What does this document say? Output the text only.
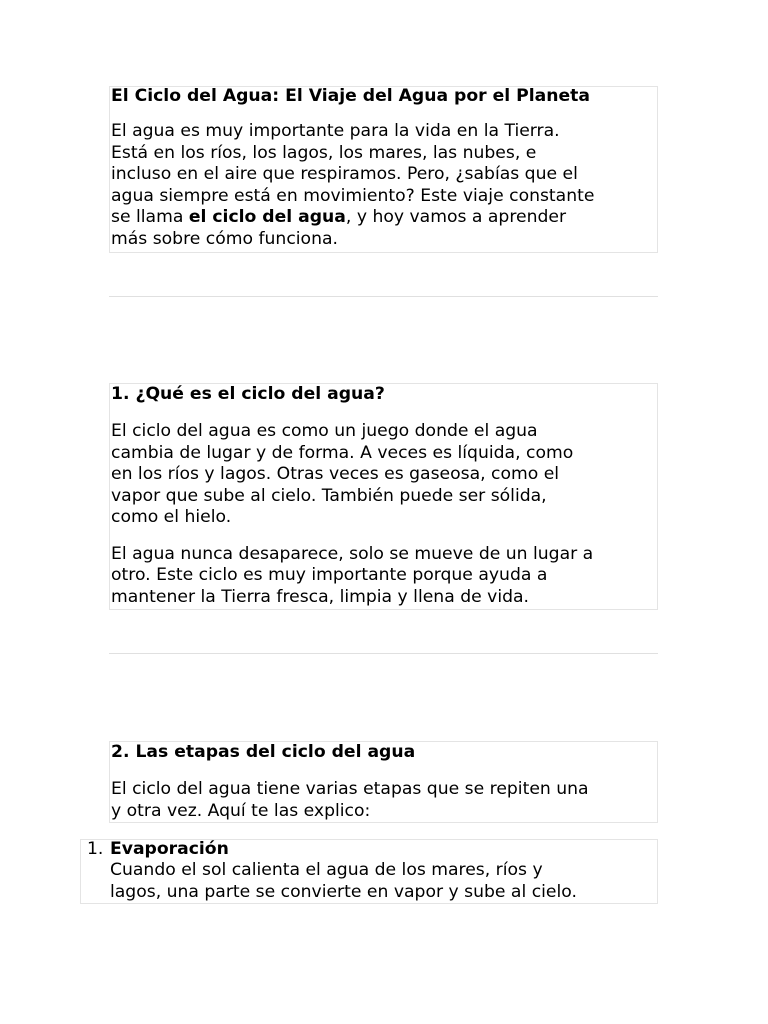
El Ciclo del Agua: El Viaje del Agua por el Planeta

El agua es muy importante para la vida en la Tierra.
Está en los ríos, los lagos, los mares, las nubes, e
incluso en el aire que respiramos. Pero, ¿sabías que el
agua siempre está en movimiento? Este viaje constante
se llama el ciclo del agua, y hoy vamos a aprender
más sobre cómo funciona.

1. ¿Qué es el ciclo del agua?

El ciclo del agua es como un juego donde el agua
cambia de lugar y de forma. A veces es líquida, como
en los ríos y lagos. Otras veces es gaseosa, como el
vapor que sube al cielo. También puede ser sólida,
como el hielo.

El agua nunca desaparece, solo se mueve de un lugar a
otro. Este ciclo es muy importante porque ayuda a
mantener la Tierra fresca, limpia y llena de vida.

2. Las etapas del ciclo del agua

El ciclo del agua tiene varias etapas que se repiten una
y otra vez. Aquí te las explico:

1. Evaporación

Cuando el sol calienta el agua de los mares, ríos y
lagos, una parte se convierte en vapor y sube al cielo.
